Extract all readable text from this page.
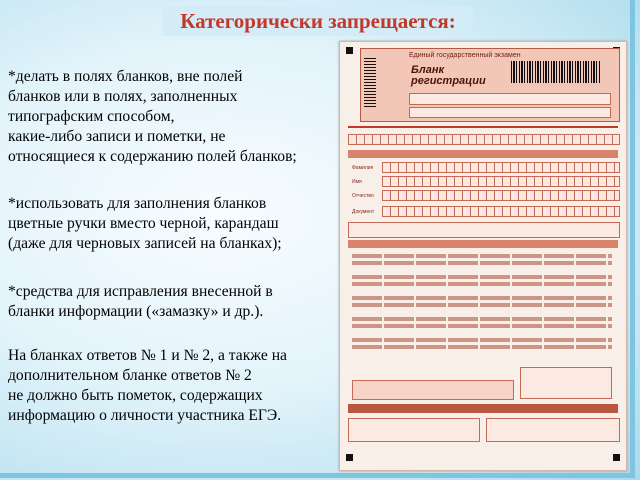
Категорически запрещается:
*делать в полях бланков, вне полей
бланков или в полях, заполненных
типографским способом,
какие-либо записи и пометки, не
относящиеся к содержанию полей бланков;
*использовать для заполнения бланков
цветные ручки вместо черной, карандаш
(даже для черновых записей на бланках);
*средства для исправления внесенной в
бланки информации («замазку» и др.).
На бланках ответов № 1 и № 2, а также на
дополнительном бланке ответов № 2
не должно быть пометок, содержащих
информацию о личности участника ЕГЭ.
Единый государственный экзамен
Бланк
регистрации
Фамилия
Имя
Отчество
Документ
